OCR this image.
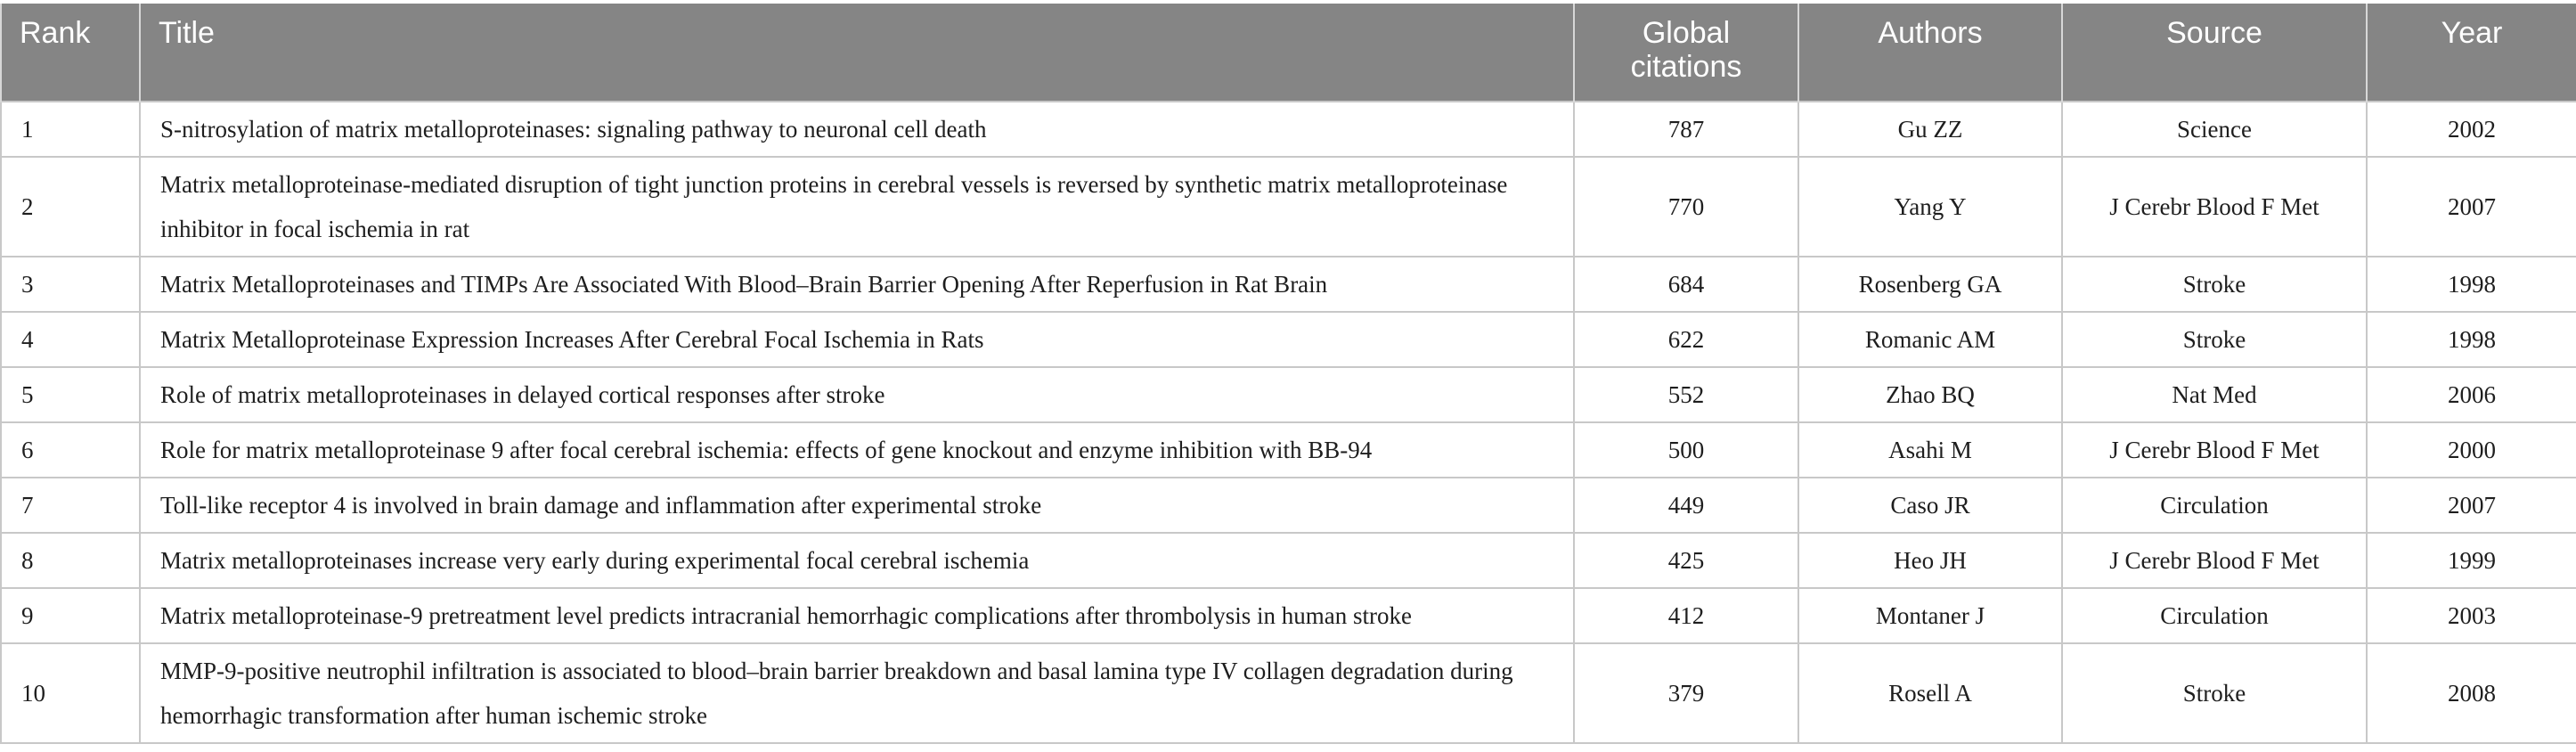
Rank	Title	Global citations	Authors	Source	Year
1	S-nitrosylation of matrix metalloproteinases: signaling pathway to neuronal cell death	787	Gu ZZ	Science	2002
2	Matrix metalloproteinase-mediated disruption of tight junction proteins in cerebral vessels is reversed by synthetic matrix metalloproteinase inhibitor in focal ischemia in rat	770	Yang Y	J Cerebr Blood F Met	2007
3	Matrix Metalloproteinases and TIMPs Are Associated With Blood–Brain Barrier Opening After Reperfusion in Rat Brain	684	Rosenberg GA	Stroke	1998
4	Matrix Metalloproteinase Expression Increases After Cerebral Focal Ischemia in Rats	622	Romanic AM	Stroke	1998
5	Role of matrix metalloproteinases in delayed cortical responses after stroke	552	Zhao BQ	Nat Med	2006
6	Role for matrix metalloproteinase 9 after focal cerebral ischemia: effects of gene knockout and enzyme inhibition with BB-94	500	Asahi M	J Cerebr Blood F Met	2000
7	Toll-like receptor 4 is involved in brain damage and inflammation after experimental stroke	449	Caso JR	Circulation	2007
8	Matrix metalloproteinases increase very early during experimental focal cerebral ischemia	425	Heo JH	J Cerebr Blood F Met	1999
9	Matrix metalloproteinase-9 pretreatment level predicts intracranial hemorrhagic complications after thrombolysis in human stroke	412	Montaner J	Circulation	2003
10	MMP-9-positive neutrophil infiltration is associated to blood–brain barrier breakdown and basal lamina type IV collagen degradation during hemorrhagic transformation after human ischemic stroke	379	Rosell A	Stroke	2008
